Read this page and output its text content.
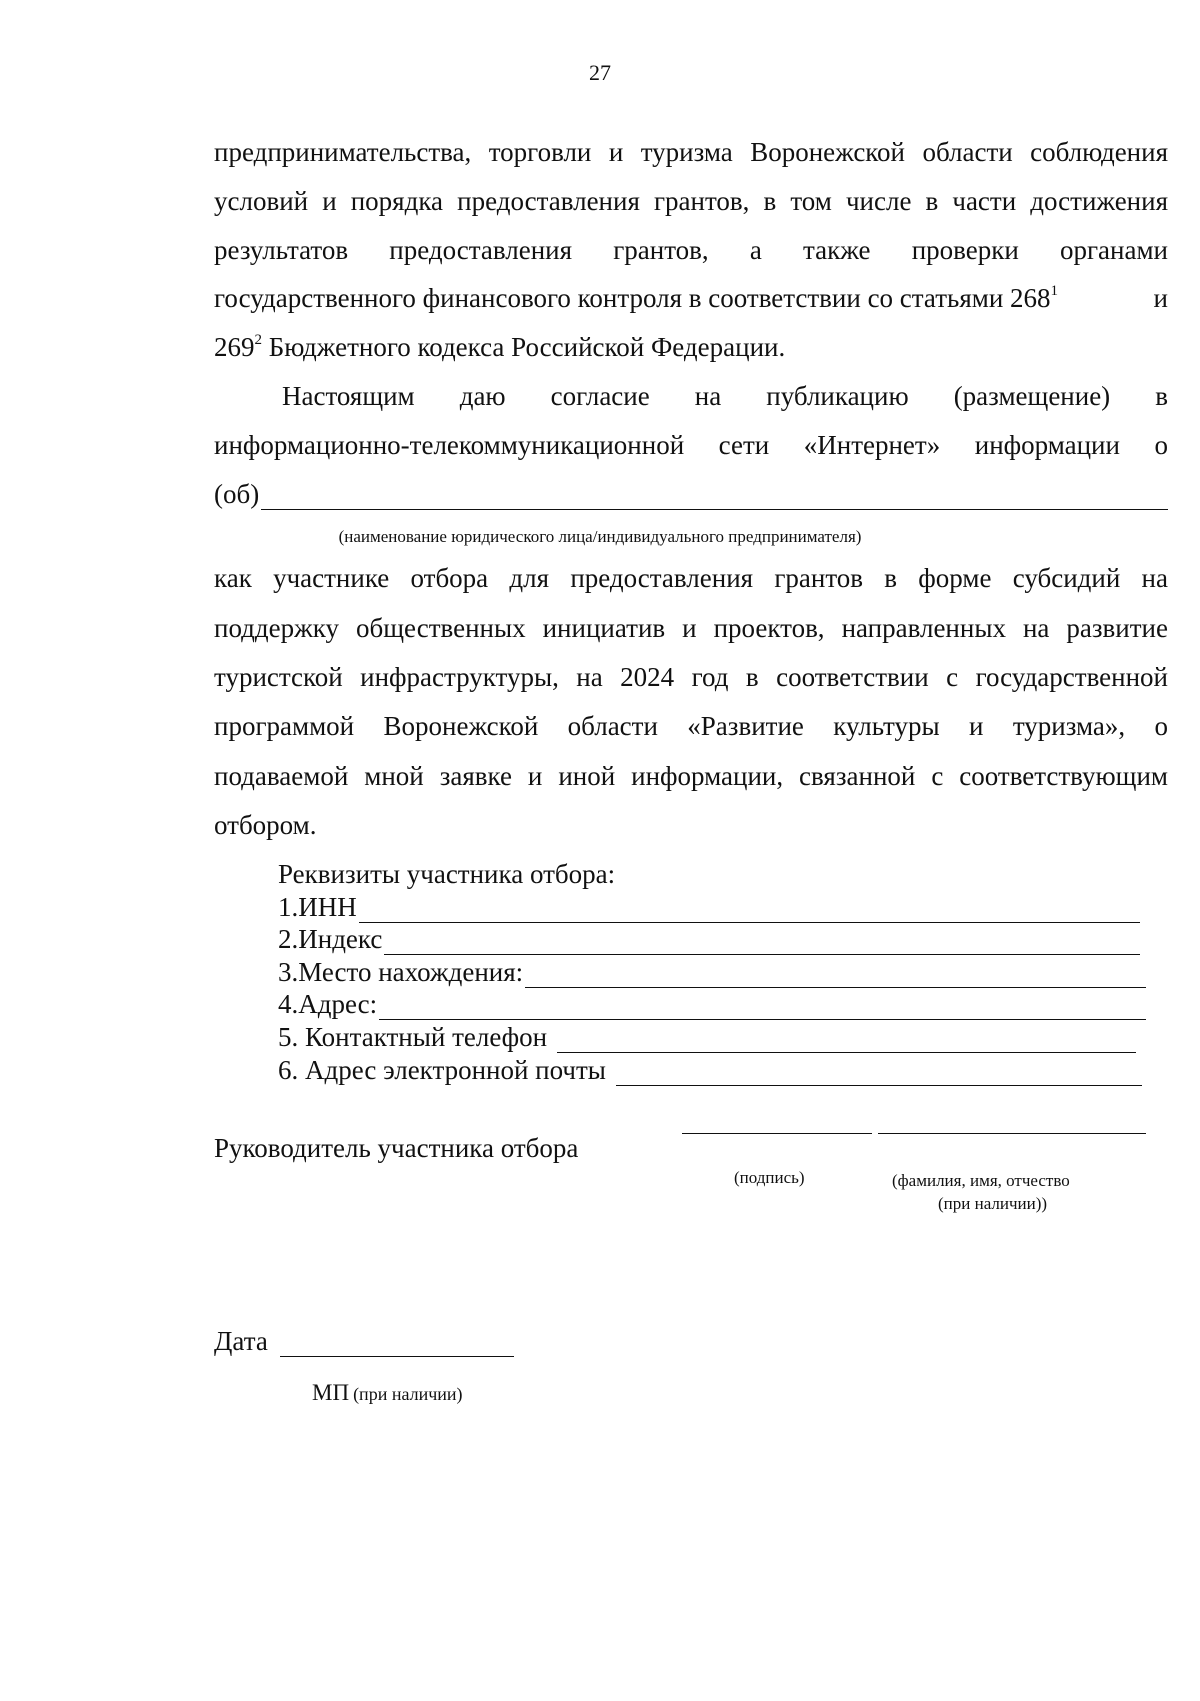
27
предпринимательства, торговли и туризма Воронежской области соблюдения
условий и порядка предоставления грантов, в том числе в части достижения
результатов предоставления грантов, а также проверки органами
государственного финансового контроля в соответствии со статьями $268^1$	и
$269^2$ Бюджетного кодекса Российской Федерации.
Настоящим даю согласие на публикацию (размещение) в
информационно-телекоммуникационной сети «Интернет» информации о
(об)
(наименование юридического лица/индивидуального предпринимателя)
как участнике отбора для предоставления грантов в форме субсидий на
поддержку общественных инициатив и проектов, направленных на развитие
туристской инфраструктуры, на 2024 год в соответствии с государственной
программой Воронежской области «Развитие культуры и туризма», о
подаваемой мной заявке и иной информации, связанной с соответствующим
отбором.
Реквизиты участника отбора:
1.ИНН
2.Индекс
3.Место нахождения:
4.Адрес:
5. Контактный телефон
6. Адрес электронной почты
Руководитель участника отбора
(подпись)	(фамилия, имя, отчество
(при наличии))
Дата
МП (при наличии)
